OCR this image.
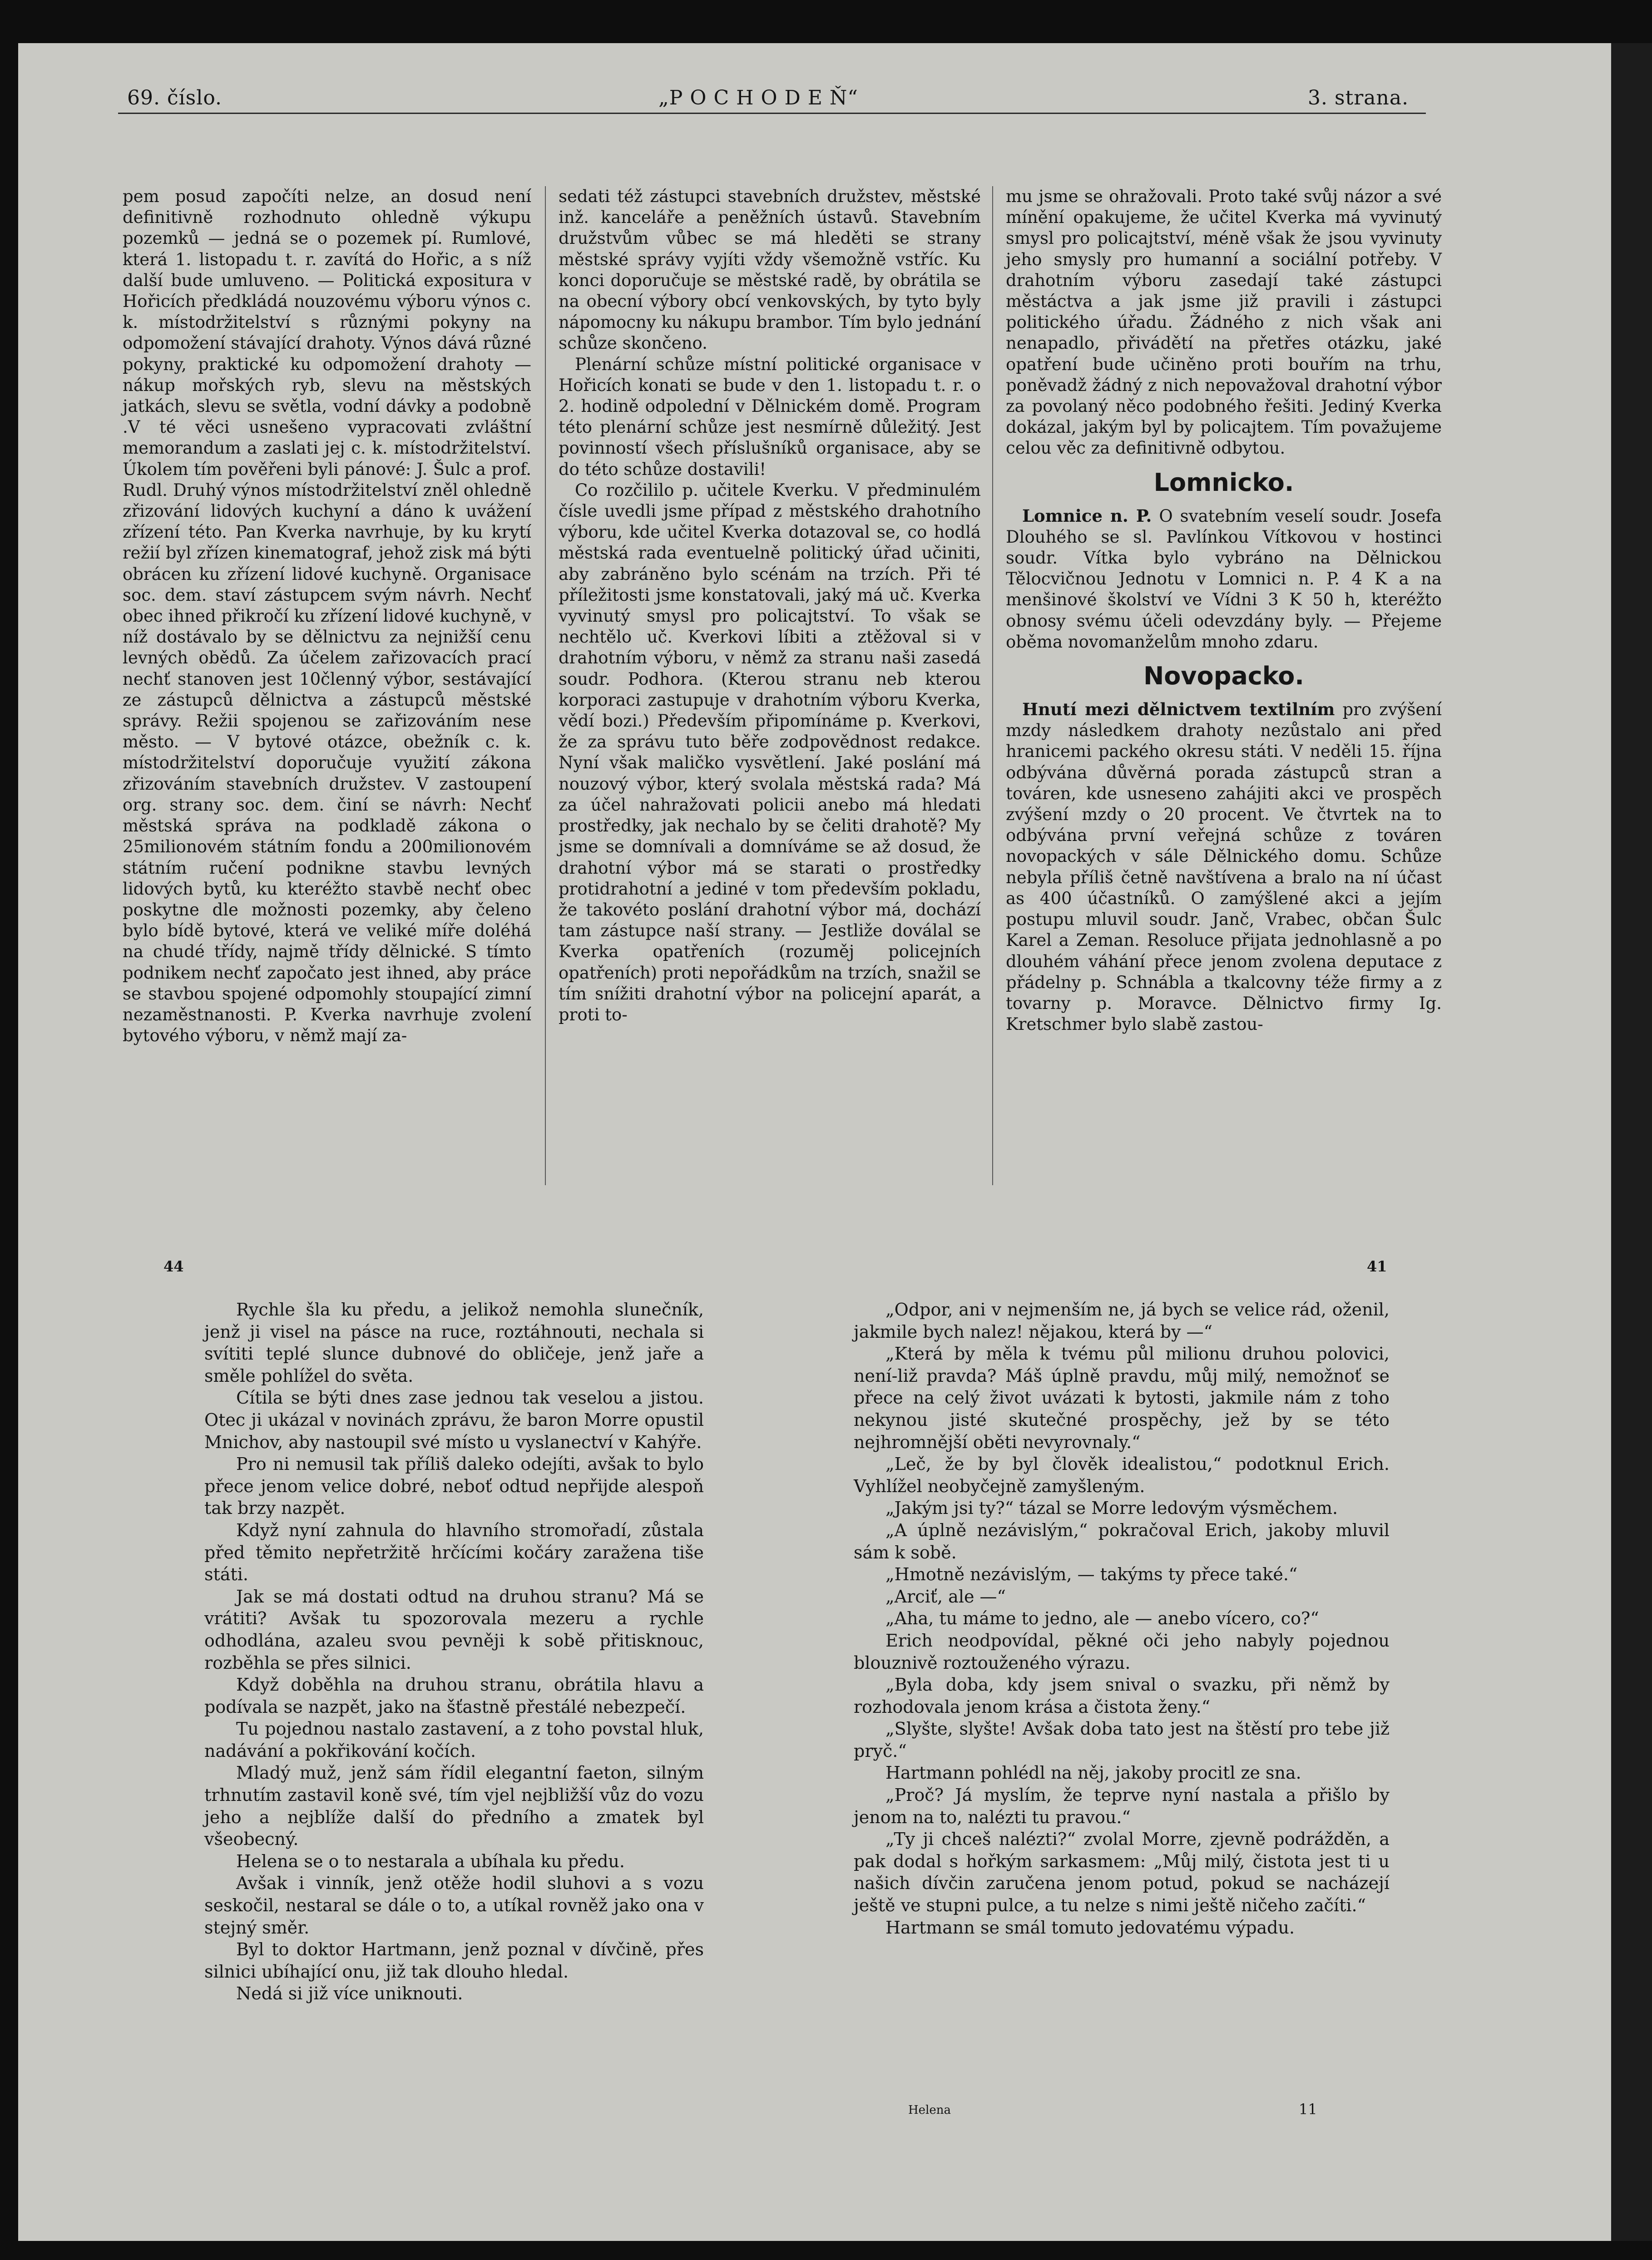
69. číslo.	„P O C H O D E Ň“	3. strana.

pem posud započíti nelze, an dosud není definitivně rozhodnuto ohledně výkupu pozemků — jedná se o pozemek pí. Rumlové, která 1. listopadu t. r. zavítá do Hořic, a s níž další bude umluveno. — Politická expositura v Hořicích předkládá nouzovému výboru výnos c. k. místodržitelství s různými pokyny na odpomožení stávající drahoty. Výnos dává různé pokyny, praktické ku odpomožení drahoty — nákup mořských ryb, slevu na městských jatkách, slevu se světla, vodní dávky a podobně .V té věci usnešeno vypracovati zvláštní memorandum a zaslati jej c. k. místodržitelství. Úkolem tím pověřeni byli pánové: J. Šulc a prof. Rudl. Druhý výnos místodržitelství zněl ohledně zřizování lidových kuchyní a dáno k uvážení zřízení této. Pan Kverka navrhuje, by ku krytí režií byl zřízen kinematograf, jehož zisk má býti obrácen ku zřízení lidové kuchyně. Organisace soc. dem. staví zástupcem svým návrh. Nechť obec ihned přikročí ku zřízení lidové kuchyně, v níž dostávalo by se dělnictvu za nejnižší cenu levných obědů. Za účelem zařizovacích prací nechť stanoven jest 10členný výbor, sestávající ze zástupců dělnictva a zástupců městské správy. Režii spojenou se zařizováním nese město. — V bytové otázce, obežník c. k. místodržitelství doporučuje využití zákona zřizováním stavebních družstev. V zastoupení org. strany soc. dem. činí se návrh: Nechť městská správa na podkladě zákona o 25milionovém státním fondu a 200milionovém státním ručení podnikne stavbu levných lidových bytů, ku kteréžto stavbě nechť obec poskytne dle možnosti pozemky, aby čeleno bylo bídě bytové, která ve veliké míře doléhá na chudé třídy, najmě třídy dělnické. S tímto podnikem nechť započato jest ihned, aby práce se stavbou spojené odpomohly stoupající zimní nezaměstnanosti. P. Kverka navrhuje zvolení bytového výboru, v němž mají za-

sedati též zástupci stavebních družstev, městské inž. kanceláře a peněžních ústavů. Stavebním družstvům vůbec se má hleděti se strany městské správy vyjíti vždy všemožně vstříc. Ku konci doporučuje se městské radě, by obrátila se na obecní výbory obcí venkovských, by tyto byly nápomocny ku nákupu brambor. Tím bylo jednání schůze skončeno.

Plenární schůze místní politické organisace v Hořicích konati se bude v den 1. listopadu t. r. o 2. hodině odpolední v Dělnickém domě. Program této plenární schůze jest nesmírně důležitý. Jest povinností všech příslušníků organisace, aby se do této schůze dostavili!

Co rozčililo p. učitele Kverku. V předminulém čísle uvedli jsme případ z městského drahotního výboru, kde učitel Kverka dotazoval se, co hodlá městská rada eventuelně politický úřad učiniti, aby zabráněno bylo scénám na trzích. Při té příležitosti jsme konstatovali, jaký má uč. Kverka vyvinutý smysl pro policajtství. To však se nechtělo uč. Kverkovi líbiti a ztěžoval si v drahotním výboru, v němž za stranu naši zasedá soudr. Podhora. (Kterou stranu neb kterou korporaci zastupuje v drahotním výboru Kverka, vědí bozi.) Především připomínáme p. Kverkovi, že za správu tuto běře zodpovědnost redakce. Nyní však maličko vysvětlení. Jaké poslání má nouzový výbor, který svolala městská rada? Má za účel nahražovati policii anebo má hledati prostředky, jak nechalo by se čeliti drahotě? My jsme se domnívali a domníváme se až dosud, že drahotní výbor má se starati o prostředky protidrahotní a jediné v tom především pokladu, že takovéto poslání drahotní výbor má, dochází tam zástupce naší strany. — Jestliže doválal se Kverka opatřeních (rozuměj policejních opatřeních) proti nepořádkům na trzích, snažil se tím snížiti drahotní výbor na policejní aparát, a proti to-

mu jsme se ohražovali. Proto také svůj názor a své mínění opakujeme, že učitel Kverka má vyvinutý smysl pro policajtství, méně však že jsou vyvinuty jeho smysly pro humanní a sociální potřeby. V drahotním výboru zasedají také zástupci městáctva a jak jsme již pravili i zástupci politického úřadu. Žádného z nich však ani nenapadlo, přivádětí na přetřes otázku, jaké opatření bude učiněno proti bouřím na trhu, poněvadž žádný z nich nepovažoval drahotní výbor za povolaný něco podobného řešiti. Jediný Kverka dokázal, jakým byl by policajtem. Tím považujeme celou věc za definitivně odbytou.

Lomnicko.

Lomnice n. P. O svatebním veselí soudr. Josefa Dlouhého se sl. Pavlínkou Vítkovou v hostinci soudr. Vítka bylo vybráno na Dělnickou Tělocvičnou Jednotu v Lomnici n. P. 4 K a na menšinové školství ve Vídni 3 K 50 h, kteréžto obnosy svému účeli odevzdány byly. — Přejeme oběma novomanželům mnoho zdaru.

Novopacko.

Hnutí mezi dělnictvem textilním pro zvýšení mzdy následkem drahoty nezůstalo ani před hranicemi packého okresu státi. V neděli 15. října odbývána důvěrná porada zástupců stran a továren, kde usneseno zahájiti akci ve prospěch zvýšení mzdy o 20 procent. Ve čtvrtek na to odbývána první veřejná schůze z továren novopackých v sále Dělnického domu. Schůze nebyla příliš četně navštívena a bralo na ní účast as 400 účastníků. O zamýšlené akci a jejím postupu mluvil soudr. Janč, Vrabec, občan Šulc Karel a Zeman. Resoluce přijata jednohlasně a po dlouhém váhání přece jenom zvolena deputace z přádelny p. Schnábla a tkalcovny téže firmy a z tovarny p. Moravce. Dělnictvo firmy Ig. Kretschmer bylo slabě zastou-

44	41

Rychle šla ku předu, a jelikož nemohla slunečník, jenž ji visel na pásce na ruce, roztáhnouti, nechala si svítiti teplé slunce dubnové do obličeje, jenž jaře a směle pohlížel do světa.

Cítila se býti dnes zase jednou tak veselou a jistou. Otec ji ukázal v novinách zprávu, že baron Morre opustil Mnichov, aby nastoupil své místo u vyslanectví v Kahýře.

Pro ni nemusil tak příliš daleko odejíti, avšak to bylo přece jenom velice dobré, neboť odtud nepřijde alespoň tak brzy nazpět.

Když nyní zahnula do hlavního stromořadí, zůstala před těmito nepřetržitě hrčícími kočáry zaražena tiše státi.

Jak se má dostati odtud na druhou stranu? Má se vrátiti? Avšak tu spozorovala mezeru a rychle odhodlána, azaleu svou pevněji k sobě přitisknouc, rozběhla se přes silnici.

Když doběhla na druhou stranu, obrátila hlavu a podívala se nazpět, jako na šťastně přestálé nebezpečí.

Tu pojednou nastalo zastavení, a z toho povstal hluk, nadávání a pokřikování kočích.

Mladý muž, jenž sám řídil elegantní faeton, silným trhnutím zastavil koně své, tím vjel nejbližší vůz do vozu jeho a nejblíže další do předního a zmatek byl všeobecný.

Helena se o to nestarala a ubíhala ku předu.

Avšak i vinník, jenž otěže hodil sluhovi a s vozu seskočil, nestaral se dále o to, a utíkal rovněž jako ona v stejný směr.

Byl to doktor Hartmann, jenž poznal v dívčině, přes silnici ubíhající onu, již tak dlouho hledal.

Nedá si již více uniknouti.

„Odpor, ani v nejmenším ne, já bych se velice rád, oženil, jakmile bych nalez! nějakou, která by —“

„Která by měla k tvému půl milionu druhou polovici, není-liž pravda? Máš úplně pravdu, můj milý, nemožnoť se přece na celý život uvázati k bytosti, jakmile nám z toho nekynou jisté skutečné prospěchy, jež by se této nejhromnější oběti nevyrovnaly.“

„Leč, že by byl člověk idealistou,“ podotknul Erich. Vyhlížel neobyčejně zamyšleným.

„Jakým jsi ty?“ tázal se Morre ledovým výsměchem.

„A úplně nezávislým,“ pokračoval Erich, jakoby mluvil sám k sobě.

„Hmotně nezávislým, — takýms ty přece také.“

„Arciť, ale —“

„Aha, tu máme to jedno, ale — anebo vícero, co?“

Erich neodpovídal, pěkné oči jeho nabyly pojednou blouznivě roztouženého výrazu.

„Byla doba, kdy jsem snival o svazku, při němž by rozhodovala jenom krása a čistota ženy.“

„Slyšte, slyšte! Avšak doba tato jest na štěstí pro tebe již pryč.“

Hartmann pohlédl na něj, jakoby procitl ze sna.

„Proč? Já myslím, že teprve nyní nastala a přišlo by jenom na to, nalézti tu pravou.“

„Ty ji chceš nalézti?“ zvolal Morre, zjevně podrážděn, a pak dodal s hořkým sarkasmem: „Můj milý, čistota jest ti u našich dívčin zaručena jenom potud, pokud se nacházejí ještě ve stupni pulce, a tu nelze s nimi ještě ničeho začíti.“

Hartmann se smál tomuto jedovatému výpadu.

Helena	11
